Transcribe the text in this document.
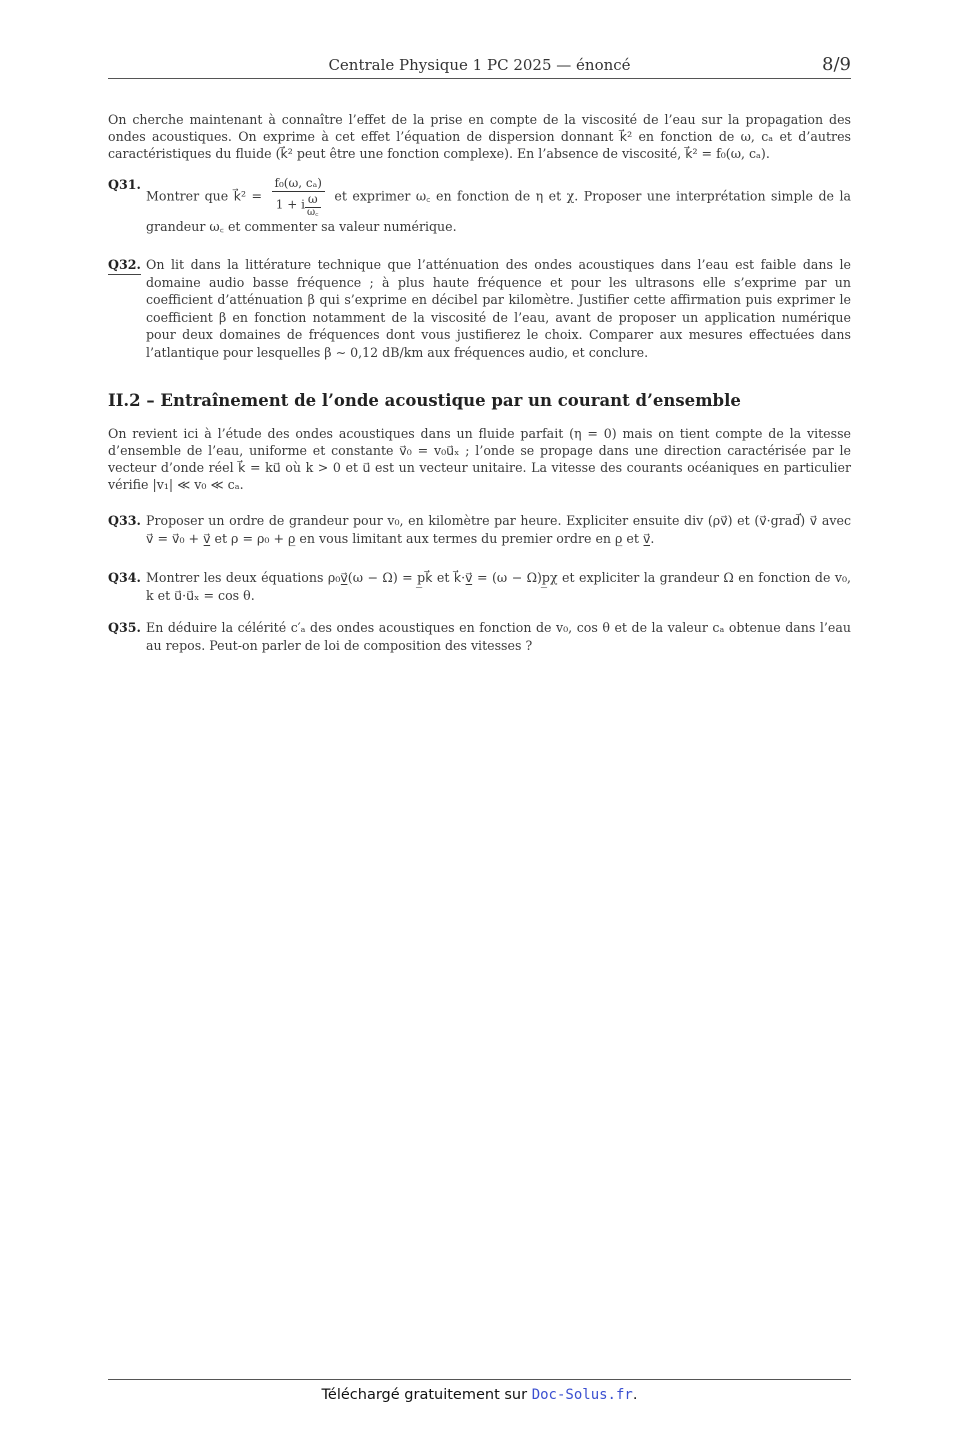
Centrale Physique 1 PC 2025 — énoncé	8/9
On cherche maintenant à connaître l’effet de la prise en compte de la viscosité de l’eau sur la propagation des ondes acoustiques. On exprime à cet effet l’équation de dispersion donnant k⃗² en fonction de ω, cₐ et d’autres caractéristiques du fluide (k⃗² peut être une fonction complexe). En l’absence de viscosité, k⃗² = f₀(ω, cₐ).
Q31.
Montrer que k⃗² = f₀(ω, cₐ)
1 + i ω
ω꜀ et exprimer ω꜀ en fonction de η et χ. Proposer une interprétation simple de la grandeur ω꜀ et commenter sa valeur numérique.
Q32. On lit dans la littérature technique que l’atténuation des ondes acoustiques dans l’eau est faible dans le domaine audio basse fréquence ; à plus haute fréquence et pour les ultrasons elle s’exprime par un coefficient d’atténuation β qui s’exprime en décibel par kilomètre. Justifier cette affirmation puis exprimer le coefficient β en fonction notamment de la viscosité de l’eau, avant de proposer un application numérique pour deux domaines de fréquences dont vous justifierez le choix. Comparer aux mesures effectuées dans l’atlantique pour lesquelles β ∼ 0,12 dB/km aux fréquences audio, et conclure.
II.2 – Entraînement de l’onde acoustique par un courant d’ensemble
On revient ici à l’étude des ondes acoustiques dans un fluide parfait (η = 0) mais on tient compte de la vitesse d’ensemble de l’eau, uniforme et constante v⃗₀ = v₀u⃗ₓ ; l’onde se propage dans une direction caractérisée par le vecteur d’onde réel k⃗ = ku⃗ où k > 0 et u⃗ est un vecteur unitaire. La vitesse des courants océaniques en particulier vérifie |v₁| ≪ v₀ ≪ cₐ.
Q33. Proposer un ordre de grandeur pour v₀, en kilomètre par heure. Expliciter ensuite div (ρv⃗) et (v⃗·grad⃗) v⃗ avec v⃗ = v⃗₀ + v̲⃗ et ρ = ρ₀ + ρ̲ en vous limitant aux termes du premier ordre en ρ̲ et v̲⃗.
Q34. Montrer les deux équations ρ₀v̲⃗(ω − Ω) = p̲k⃗ et k⃗·v̲⃗ = (ω − Ω)p̲χ et expliciter la grandeur Ω en fonction de v₀, k et u⃗·u⃗ₓ = cos θ.
Q35. En déduire la célérité c′ₐ des ondes acoustiques en fonction de v₀, cos θ et de la valeur cₐ obtenue dans l’eau au repos. Peut-on parler de loi de composition des vitesses ?
Téléchargé gratuitement sur Doc-Solus.fr.
